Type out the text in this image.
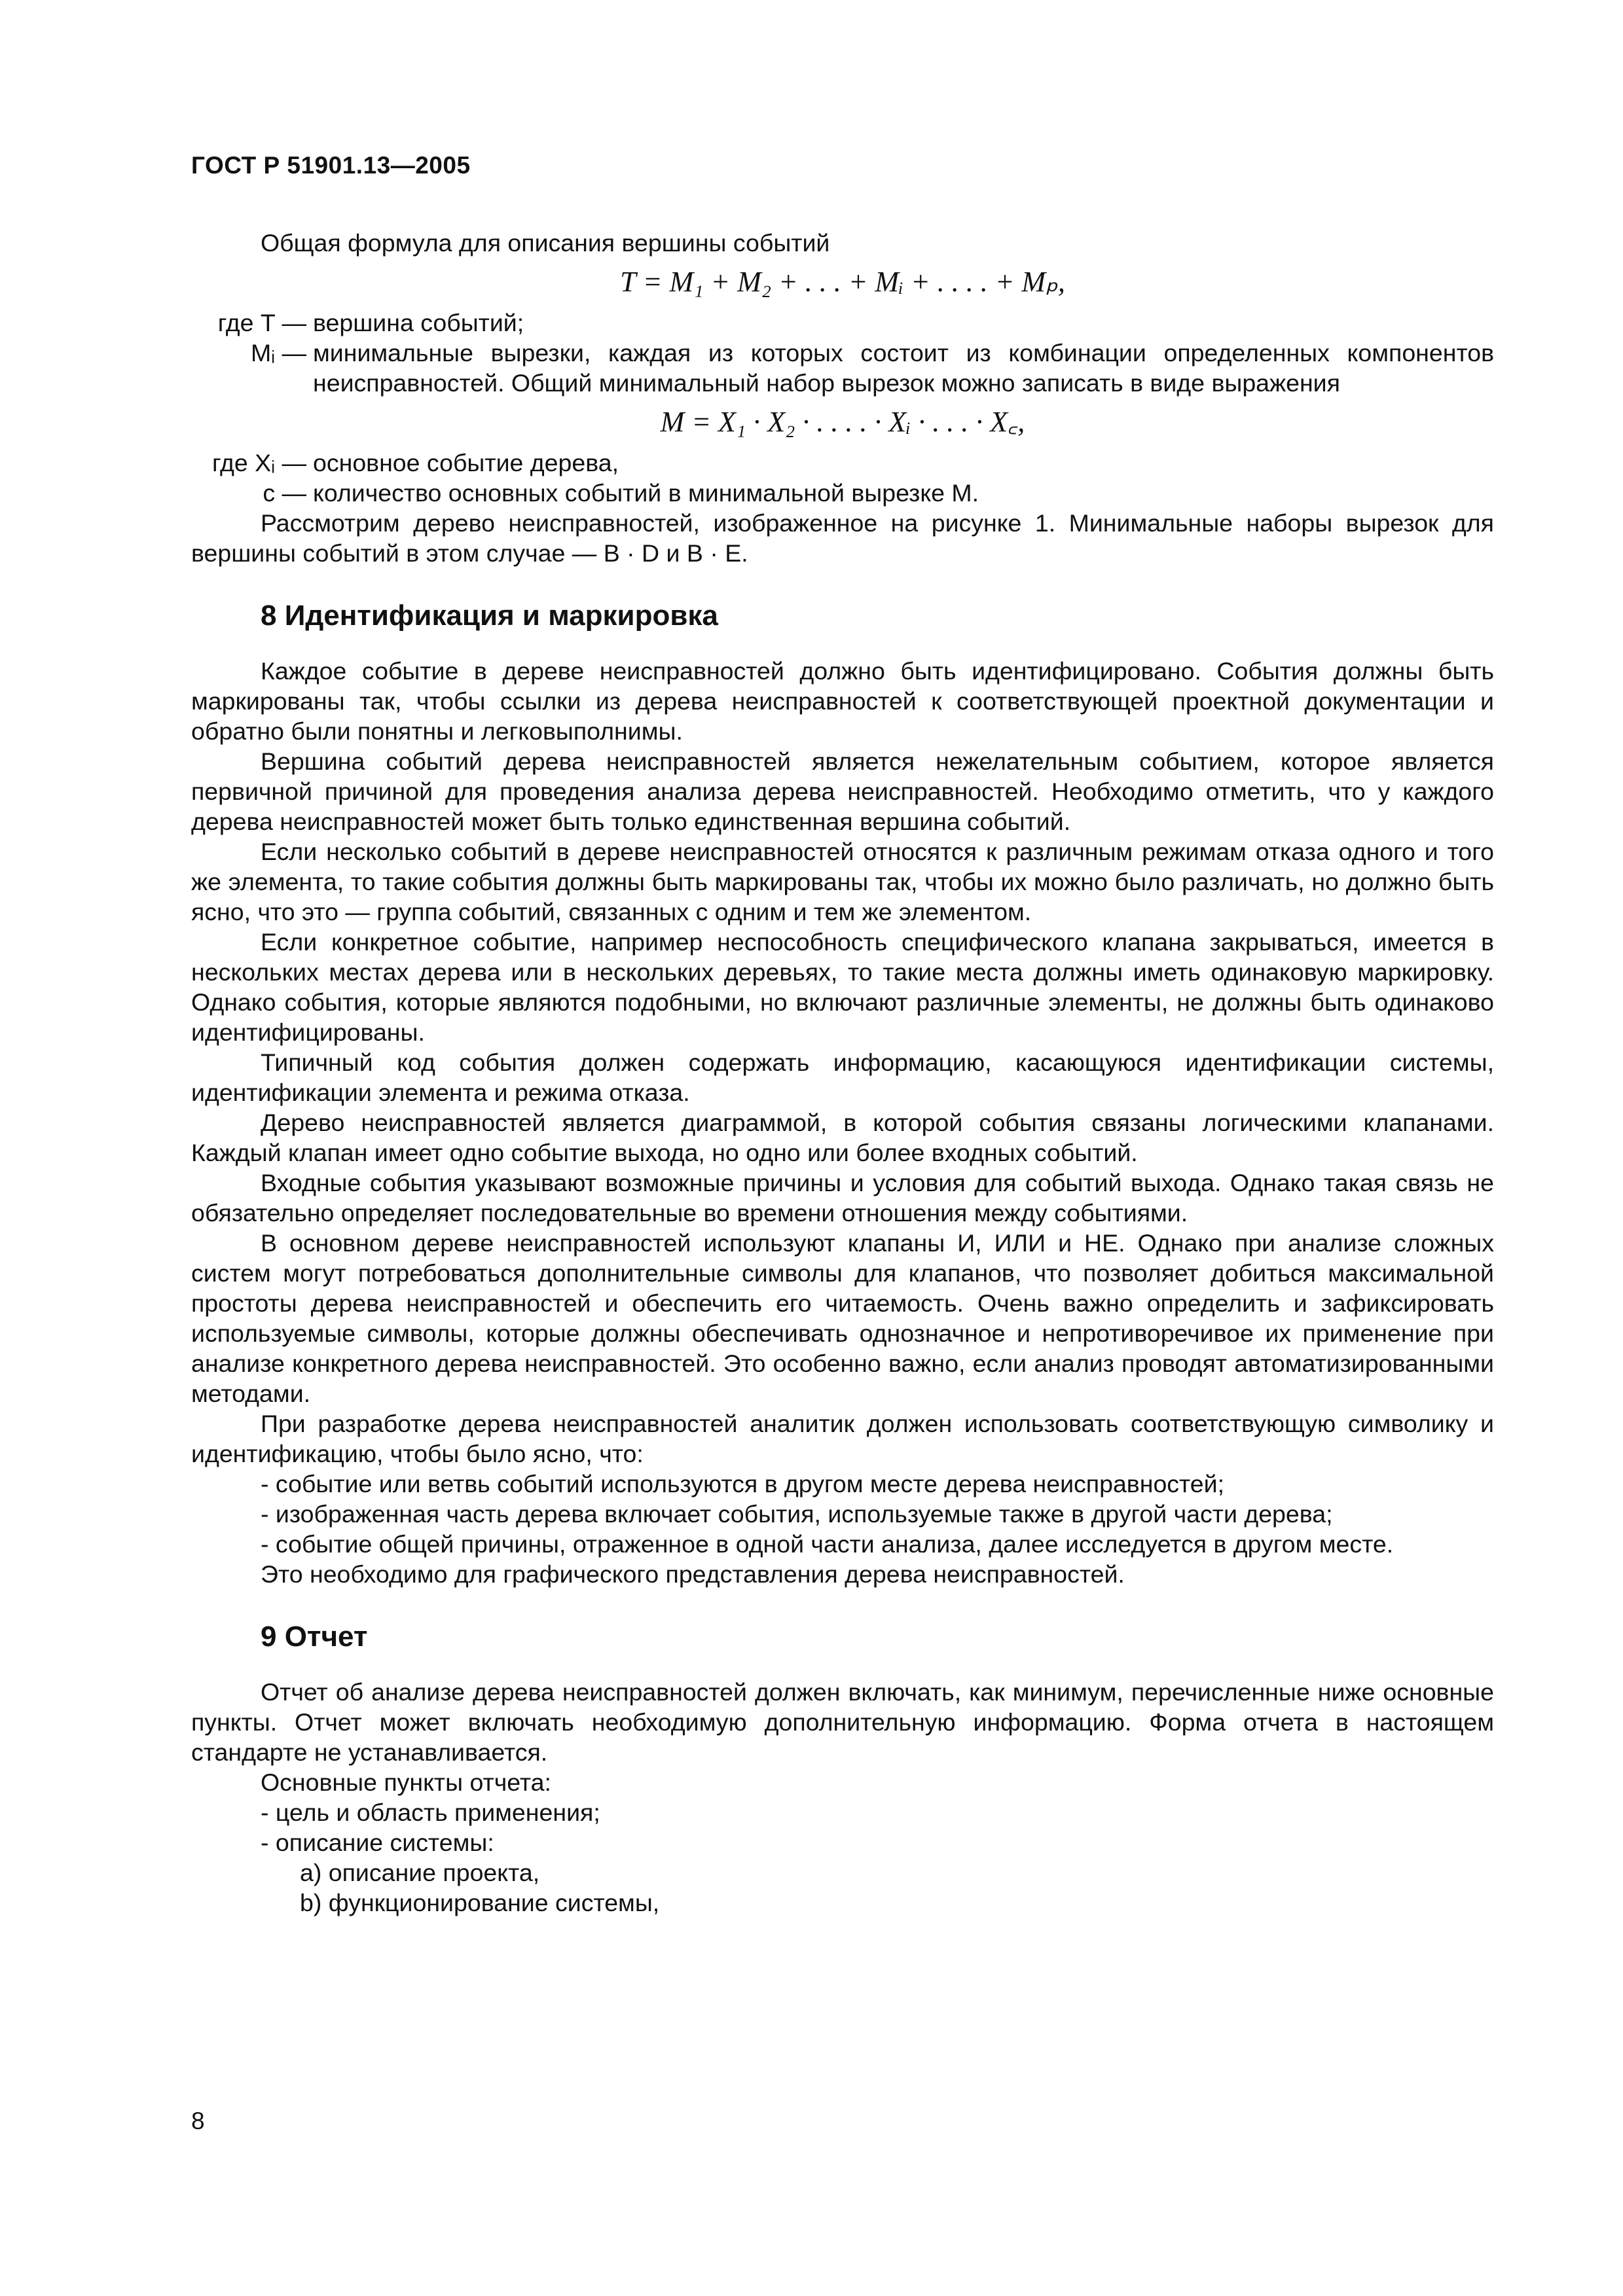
ГОСТ Р 51901.13—2005

Общая формула для описания вершины событий

T = M₁ + M₂ + . . . + Mᵢ + . . . . + Mₚ,
где T — вершина событий;
Mᵢ — минимальные вырезки, каждая из которых состоит из комбинации определенных компонентов неисправностей. Общий минимальный набор вырезок можно записать в виде выражения
M = X₁ · X₂ · . . . . · Xᵢ · . . . · X꜀,
где Xᵢ — основное событие дерева,
c — количество основных событий в минимальной вырезке M.

Рассмотрим дерево неисправностей, изображенное на рисунке 1. Минимальные наборы вырезок для вершины событий в этом случае — B · D и B · E.

8 Идентификация и маркировка

Каждое событие в дереве неисправностей должно быть идентифицировано. События должны быть маркированы так, чтобы ссылки из дерева неисправностей к соответствующей проектной документации и обратно были понятны и легковыполнимы.

Вершина событий дерева неисправностей является нежелательным событием, которое является первичной причиной для проведения анализа дерева неисправностей. Необходимо отметить, что у каждого дерева неисправностей может быть только единственная вершина событий.

Если несколько событий в дереве неисправностей относятся к различным режимам отказа одного и того же элемента, то такие события должны быть маркированы так, чтобы их можно было различать, но должно быть ясно, что это — группа событий, связанных с одним и тем же элементом.

Если конкретное событие, например неспособность специфического клапана закрываться, имеется в нескольких местах дерева или в нескольких деревьях, то такие места должны иметь одинаковую маркировку. Однако события, которые являются подобными, но включают различные элементы, не должны быть одинаково идентифицированы.

Типичный код события должен содержать информацию, касающуюся идентификации системы, идентификации элемента и режима отказа.

Дерево неисправностей является диаграммой, в которой события связаны логическими клапанами. Каждый клапан имеет одно событие выхода, но одно или более входных событий.

Входные события указывают возможные причины и условия для событий выхода. Однако такая связь не обязательно определяет последовательные во времени отношения между событиями.

В основном дереве неисправностей используют клапаны И, ИЛИ и НЕ. Однако при анализе сложных систем могут потребоваться дополнительные символы для клапанов, что позволяет добиться максимальной простоты дерева неисправностей и обеспечить его читаемость. Очень важно определить и зафиксировать используемые символы, которые должны обеспечивать однозначное и непротиворечивое их применение при анализе конкретного дерева неисправностей. Это особенно важно, если анализ проводят автоматизированными методами.

При разработке дерева неисправностей аналитик должен использовать соответствующую символику и идентификацию, чтобы было ясно, что:

- событие или ветвь событий используются в другом месте дерева неисправностей;
- изображенная часть дерева включает события, используемые также в другой части дерева;
- событие общей причины, отраженное в одной части анализа, далее исследуется в другом месте.
Это необходимо для графического представления дерева неисправностей.
9 Отчет

Отчет об анализе дерева неисправностей должен включать, как минимум, перечисленные ниже основные пункты. Отчет может включать необходимую дополнительную информацию. Форма отчета в настоящем стандарте не устанавливается.

Основные пункты отчета:
- цель и область применения;
- описание системы:
a) описание проекта,
b) функционирование системы,
8
